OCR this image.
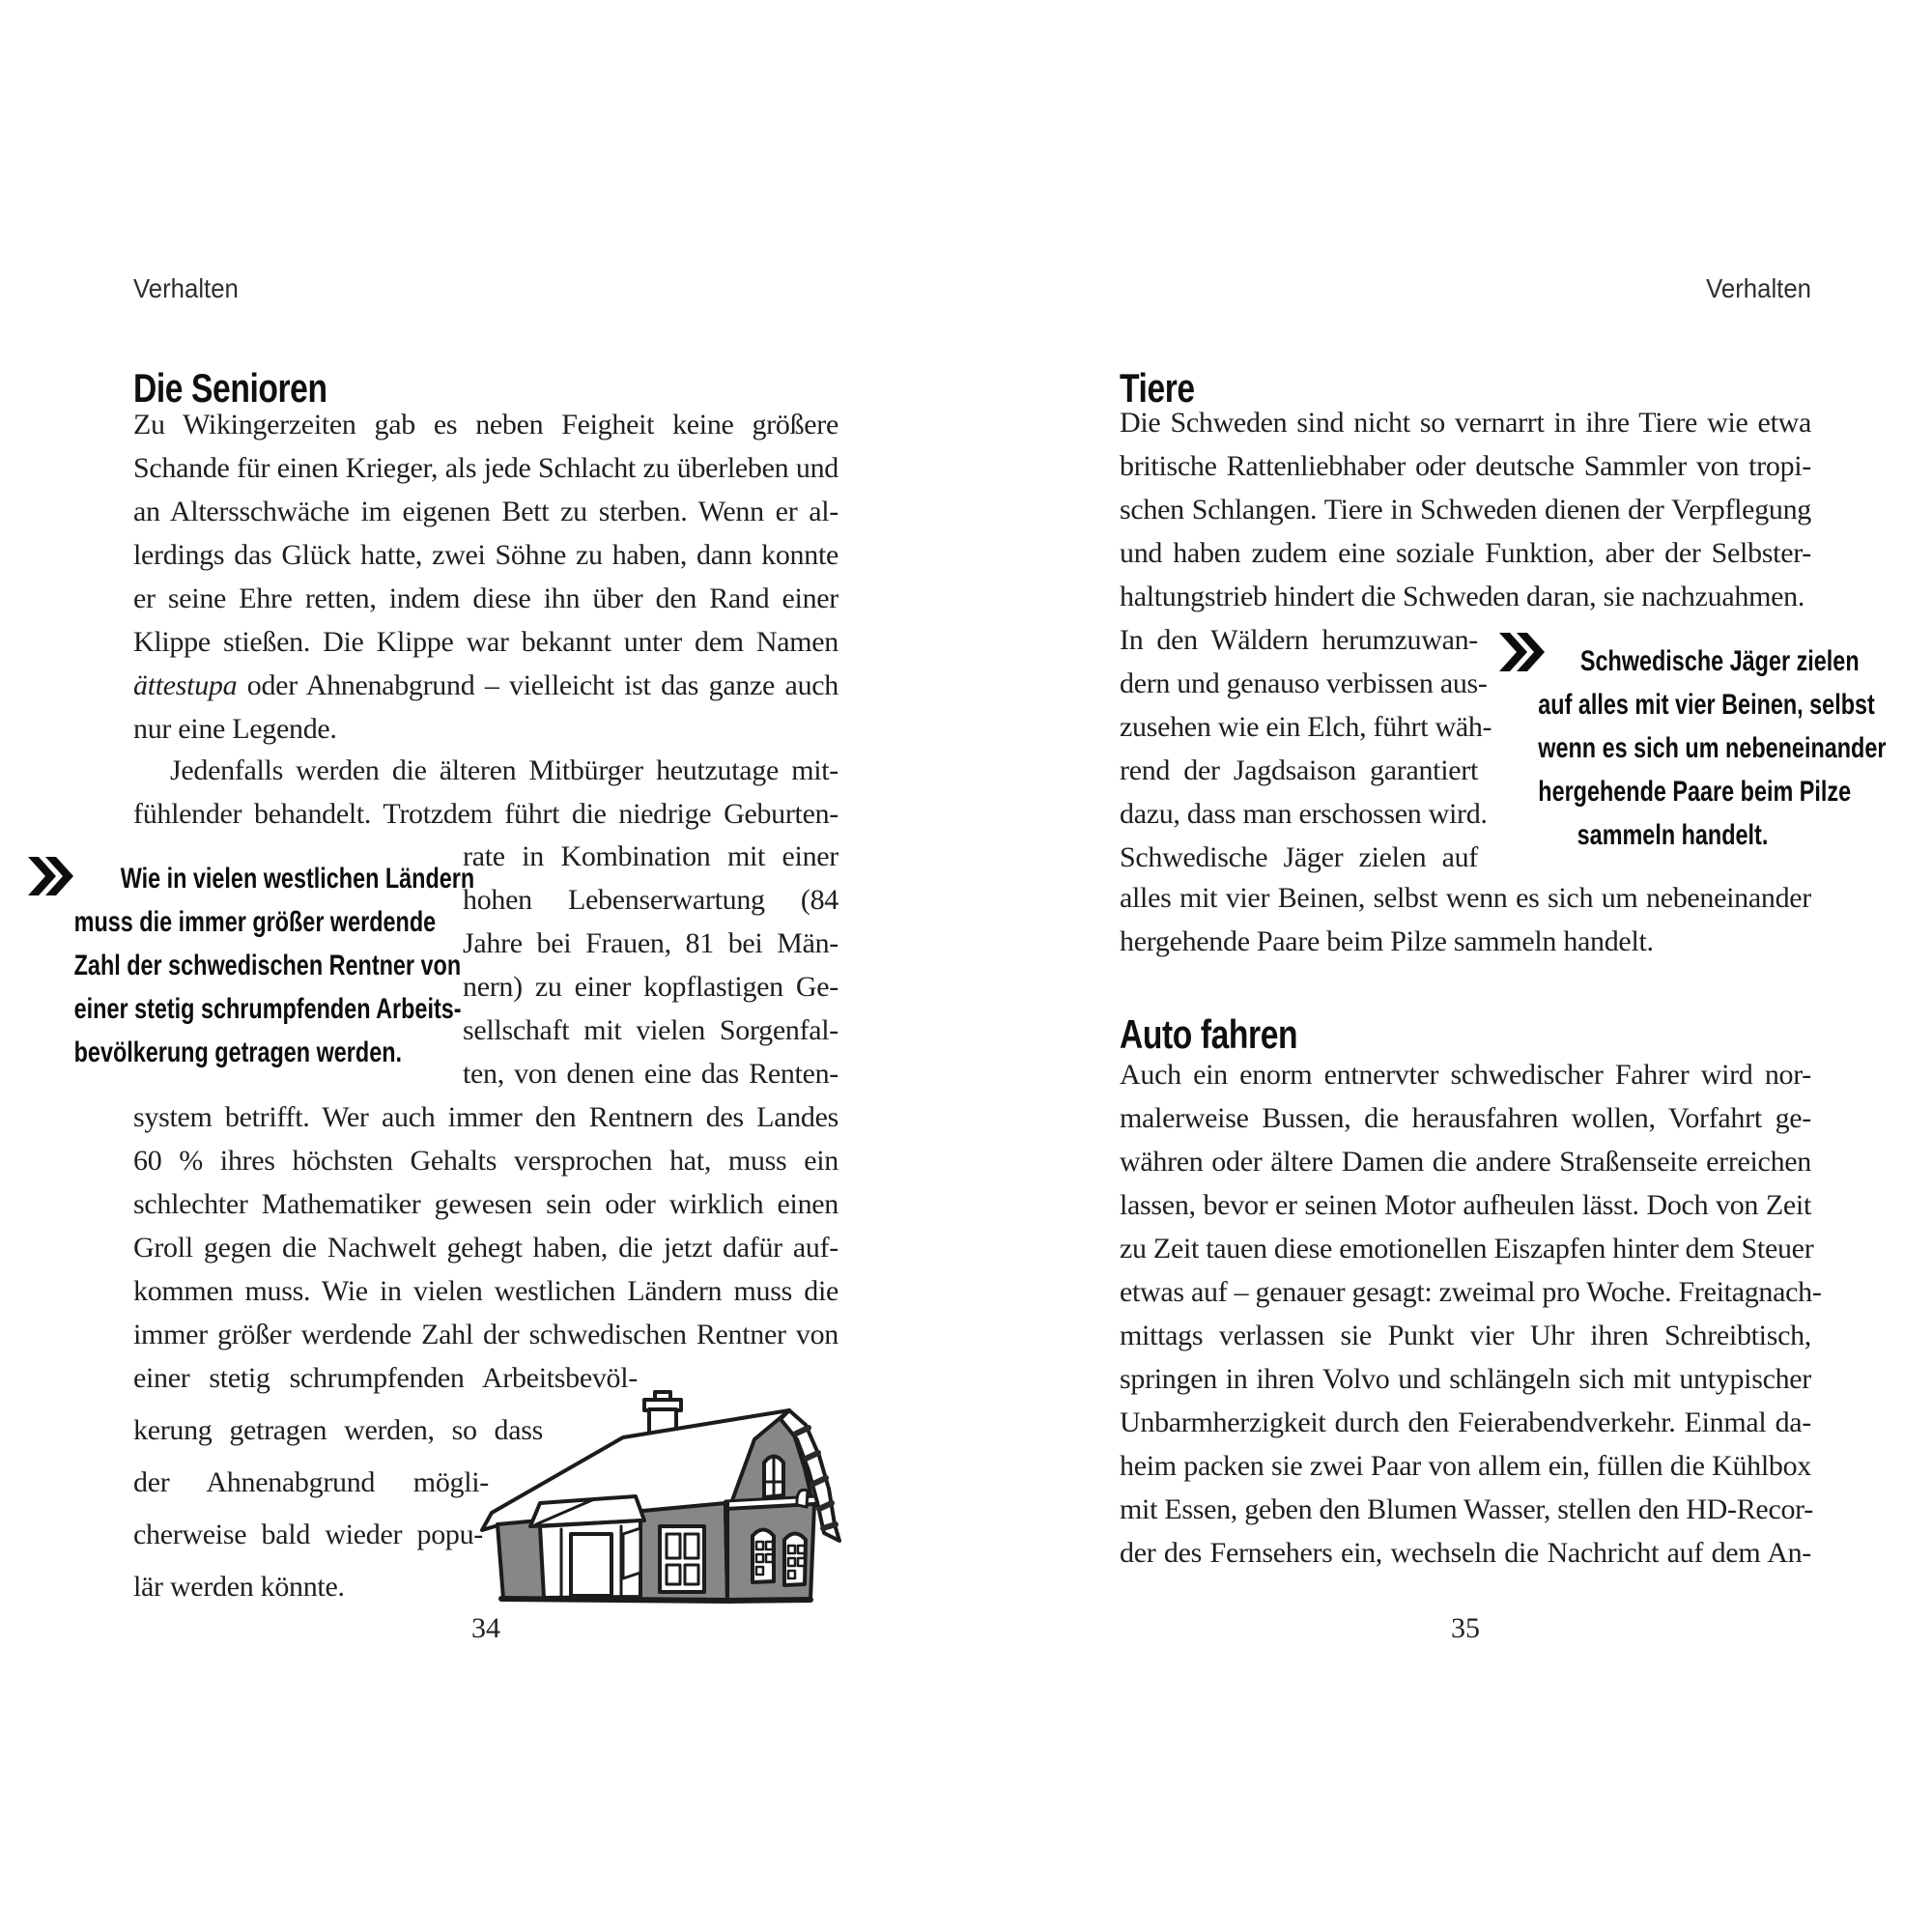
Verhalten
Die Senioren
Zu Wikingerzeiten gab es neben Feigheit keine größere
Schande für einen Krieger, als jede Schlacht zu überleben und
an Altersschwäche im eigenen Bett zu sterben. Wenn er al-
lerdings das Glück hatte, zwei Söhne zu haben, dann konnte
er seine Ehre retten, indem diese ihn über den Rand einer
Klippe stießen. Die Klippe war bekannt unter dem Namen
ättestupa oder Ahnenabgrund – vielleicht ist das ganze auch
nur eine Legende.
Jedenfalls werden die älteren Mitbürger heutzutage mit-
fühlender behandelt. Trotzdem führt die niedrige Geburten-
rate in Kombination mit einer
hohen Lebenserwartung (84
Jahre bei Frauen, 81 bei Män-
nern) zu einer kopflastigen Ge-
sellschaft mit vielen Sorgenfal-
ten, von denen eine das Renten-
Wie in vielen westlichen Ländern
muss die immer größer werdende
Zahl der schwedischen Rentner von
einer stetig schrumpfenden Arbeits-
bevölkerung getragen werden.
system betrifft. Wer auch immer den Rentnern des Landes
60 % ihres höchsten Gehalts versprochen hat, muss ein
schlechter Mathematiker gewesen sein oder wirklich einen
Groll gegen die Nachwelt gehegt haben, die jetzt dafür auf-
kommen muss. Wie in vielen westlichen Ländern muss die
immer größer werdende Zahl der schwedischen Rentner von
einer stetig schrumpfenden Arbeitsbevöl-
kerung getragen werden, so dass
der Ahnenabgrund mögli-
cherweise bald wieder popu-
lär werden könnte.
34
Verhalten
Tiere
Die Schweden sind nicht so vernarrt in ihre Tiere wie etwa
britische Rattenliebhaber oder deutsche Sammler von tropi-
schen Schlangen. Tiere in Schweden dienen der Verpflegung
und haben zudem eine soziale Funktion, aber der Selbster-
haltungstrieb hindert die Schweden daran, sie nachzuahmen.
In den Wäldern herumzuwan-
dern und genauso verbissen aus-
zusehen wie ein Elch, führt wäh-
rend der Jagdsaison garantiert
dazu, dass man erschossen wird.
Schwedische Jäger zielen auf
Schwedische Jäger zielen
auf alles mit vier Beinen, selbst
wenn es sich um nebeneinander
hergehende Paare beim Pilze
sammeln handelt.
alles mit vier Beinen, selbst wenn es sich um nebeneinander
hergehende Paare beim Pilze sammeln handelt.
Auto fahren
Auch ein enorm entnervter schwedischer Fahrer wird nor-
malerweise Bussen, die herausfahren wollen, Vorfahrt ge-
währen oder ältere Damen die andere Straßenseite erreichen
lassen, bevor er seinen Motor aufheulen lässt. Doch von Zeit
zu Zeit tauen diese emotionellen Eiszapfen hinter dem Steuer
etwas auf – genauer gesagt: zweimal pro Woche. Freitagnach-
mittags verlassen sie Punkt vier Uhr ihren Schreibtisch,
springen in ihren Volvo und schlängeln sich mit untypischer
Unbarmherzigkeit durch den Feierabendverkehr. Einmal da-
heim packen sie zwei Paar von allem ein, füllen die Kühlbox
mit Essen, geben den Blumen Wasser, stellen den HD-Recor-
der des Fernsehers ein, wechseln die Nachricht auf dem An-
35
